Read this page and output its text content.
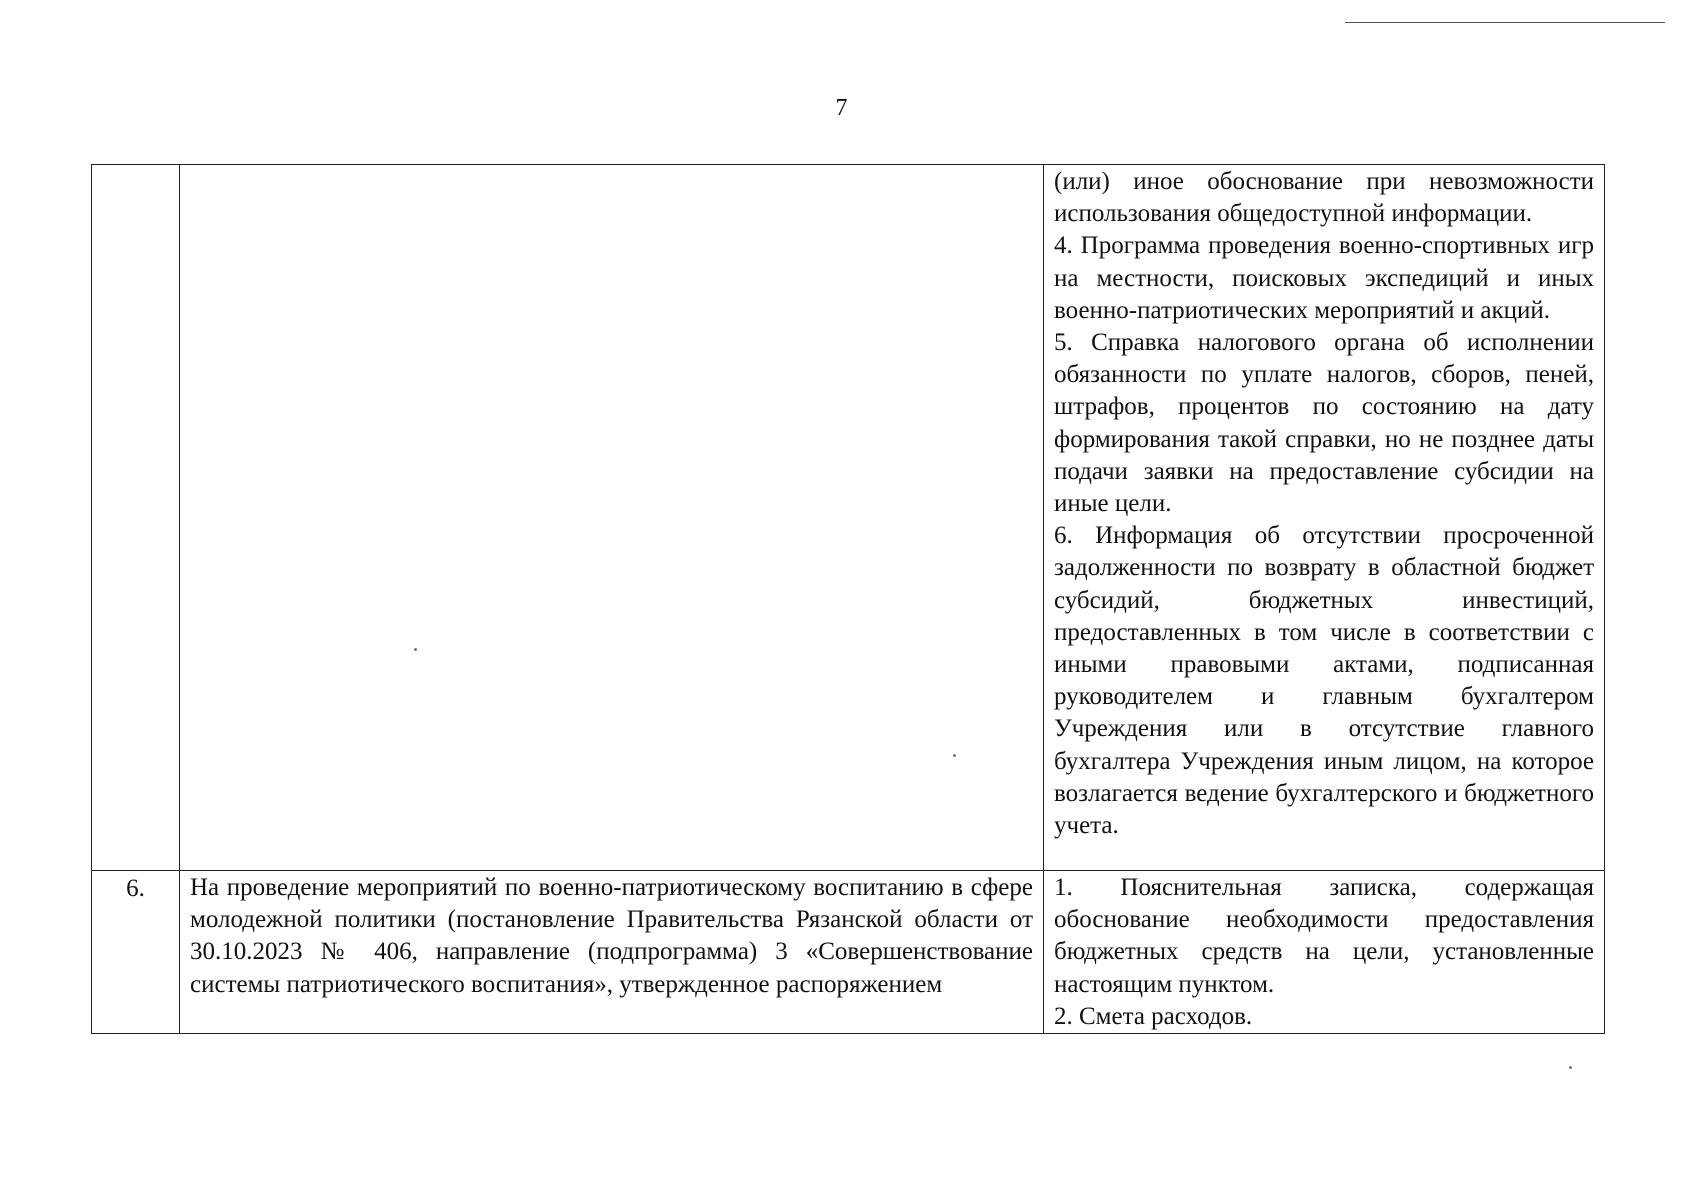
7

		(или) иное обоснование при невозможности использования общедоступной информации.
4. Программа проведения военно-спортивных игр на местности, поисковых экспедиций и иных военно-патриотических мероприятий и акций.
5. Справка налогового органа об исполнении обязанности по уплате налогов, сборов, пеней, штрафов, процентов по состоянию на дату формирования такой справки, но не позднее даты подачи заявки на предоставление субсидии на иные цели.
6. Информация об отсутствии просроченной задолженности по возврату в областной бюджет субсидий, бюджетных инвестиций, предоставленных в том числе в соответствии с иными правовыми актами, подписанная руководителем и главным бухгалтером Учреждения или в отсутствие главного бухгалтера Учреждения иным лицом, на которое возлагается ведение бухгалтерского и бюджетного учета.

6.	На проведение мероприятий по военно-патриотическому воспитанию в сфере молодежной политики (постановление Правительства Рязанской области от 30.10.2023 № 406, направление (подпрограмма) 3 «Совершенствование системы патриотического воспитания», утвержденное распоряжением	1. Пояснительная записка, содержащая обоснование необходимости предоставления бюджетных средств на цели, установленные настоящим пунктом.
2. Смета расходов.
